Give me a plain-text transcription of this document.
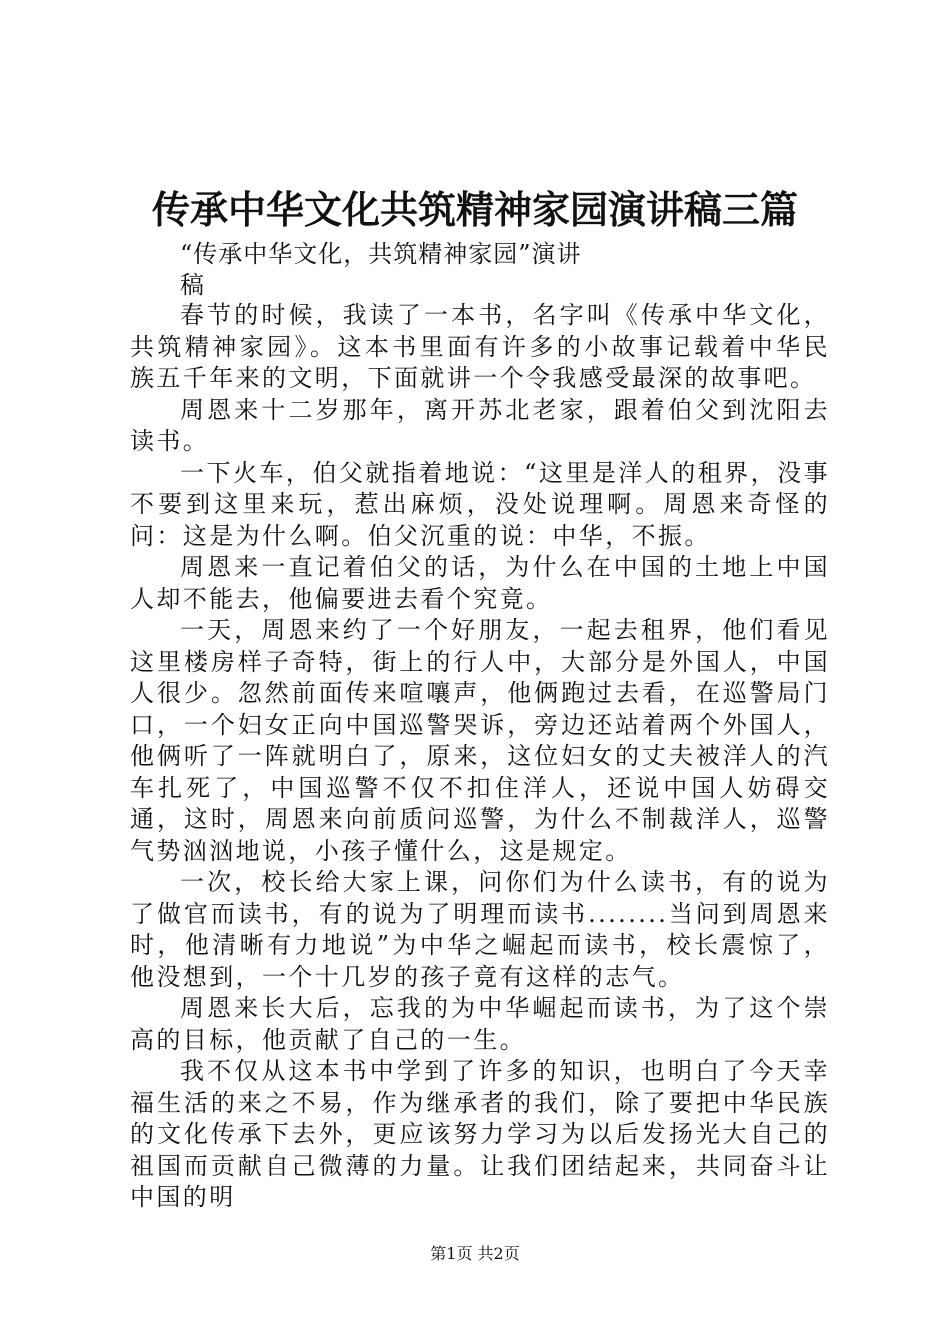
传承中华文化共筑精神家园演讲稿三篇
“传承中华文化，共筑精神家园”演讲
稿

春节的时候，我读了一本书，名字叫《传承中华文化，共筑精神家园》。这本书里面有许多的小故事记载着中华民族五千年来的文明，下面就讲一个令我感受最深的故事吧。

周恩来十二岁那年，离开苏北老家，跟着伯父到沈阳去读书。

一下火车，伯父就指着地说：“这里是洋人的租界，没事不要到这里来玩，惹出麻烦，没处说理啊。周恩来奇怪的问：这是为什么啊。伯父沉重的说：中华，不振。

周恩来一直记着伯父的话，为什么在中国的土地上中国人却不能去，他偏要进去看个究竟。

一天，周恩来约了一个好朋友，一起去租界，他们看见这里楼房样子奇特，街上的行人中，大部分是外国人，中国人很少。忽然前面传来喧嚷声，他俩跑过去看，在巡警局门口，一个妇女正向中国巡警哭诉，旁边还站着两个外国人，他俩听了一阵就明白了，原来，这位妇女的丈夫被洋人的汽车扎死了，中国巡警不仅不扣住洋人，还说中国人妨碍交通，这时，周恩来向前质问巡警，为什么不制裁洋人，巡警气势汹汹地说，小孩子懂什么，这是规定。

一次，校长给大家上课，问你们为什么读书，有的说为了做官而读书，有的说为了明理而读书........当问到周恩来时，他清晰有力地说”为中华之崛起而读书，校长震惊了，他没想到，一个十几岁的孩子竟有这样的志气。

周恩来长大后，忘我的为中华崛起而读书，为了这个崇高的目标，他贡献了自己的一生。

我不仅从这本书中学到了许多的知识，也明白了今天幸福生活的来之不易，作为继承者的我们，除了要把中华民族的文化传承下去外，更应该努力学习为以后发扬光大自己的祖国而贡献自己微薄的力量。让我们团结起来，共同奋斗让中国的明

第1页 共2页
